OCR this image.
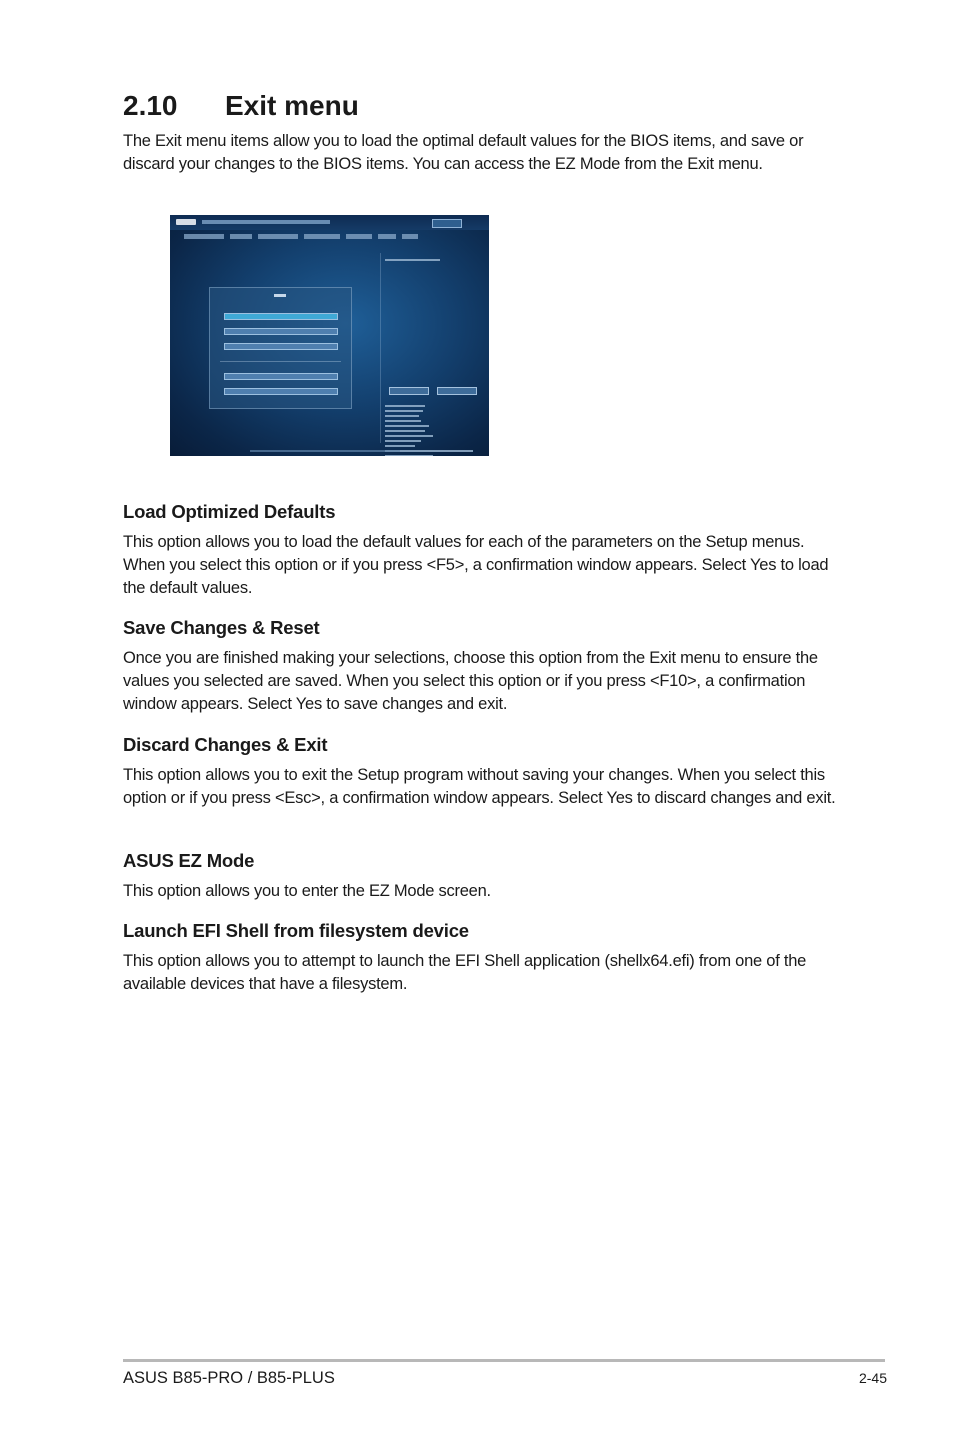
2.10 Exit menu

The Exit menu items allow you to load the optimal default values for the BIOS items, and save or discard your changes to the BIOS items. You can access the EZ Mode from the Exit menu.

Load Optimized Defaults

This option allows you to load the default values for each of the parameters on the Setup menus. When you select this option or if you press <F5>, a confirmation window appears. Select Yes to load the default values.

Save Changes & Reset

Once you are finished making your selections, choose this option from the Exit menu to ensure the values you selected are saved. When you select this option or if you press <F10>, a confirmation window appears. Select Yes to save changes and exit.

Discard Changes & Exit

This option allows you to exit the Setup program without saving your changes. When you select this option or if you press <Esc>, a confirmation window appears. Select Yes to discard changes and exit.

ASUS EZ Mode

This option allows you to enter the EZ Mode screen.

Launch EFI Shell from filesystem device

This option allows you to attempt to launch the EFI Shell application (shellx64.efi) from one of the available devices that have a filesystem.

ASUS B85-PRO / B85-PLUS	2-45
